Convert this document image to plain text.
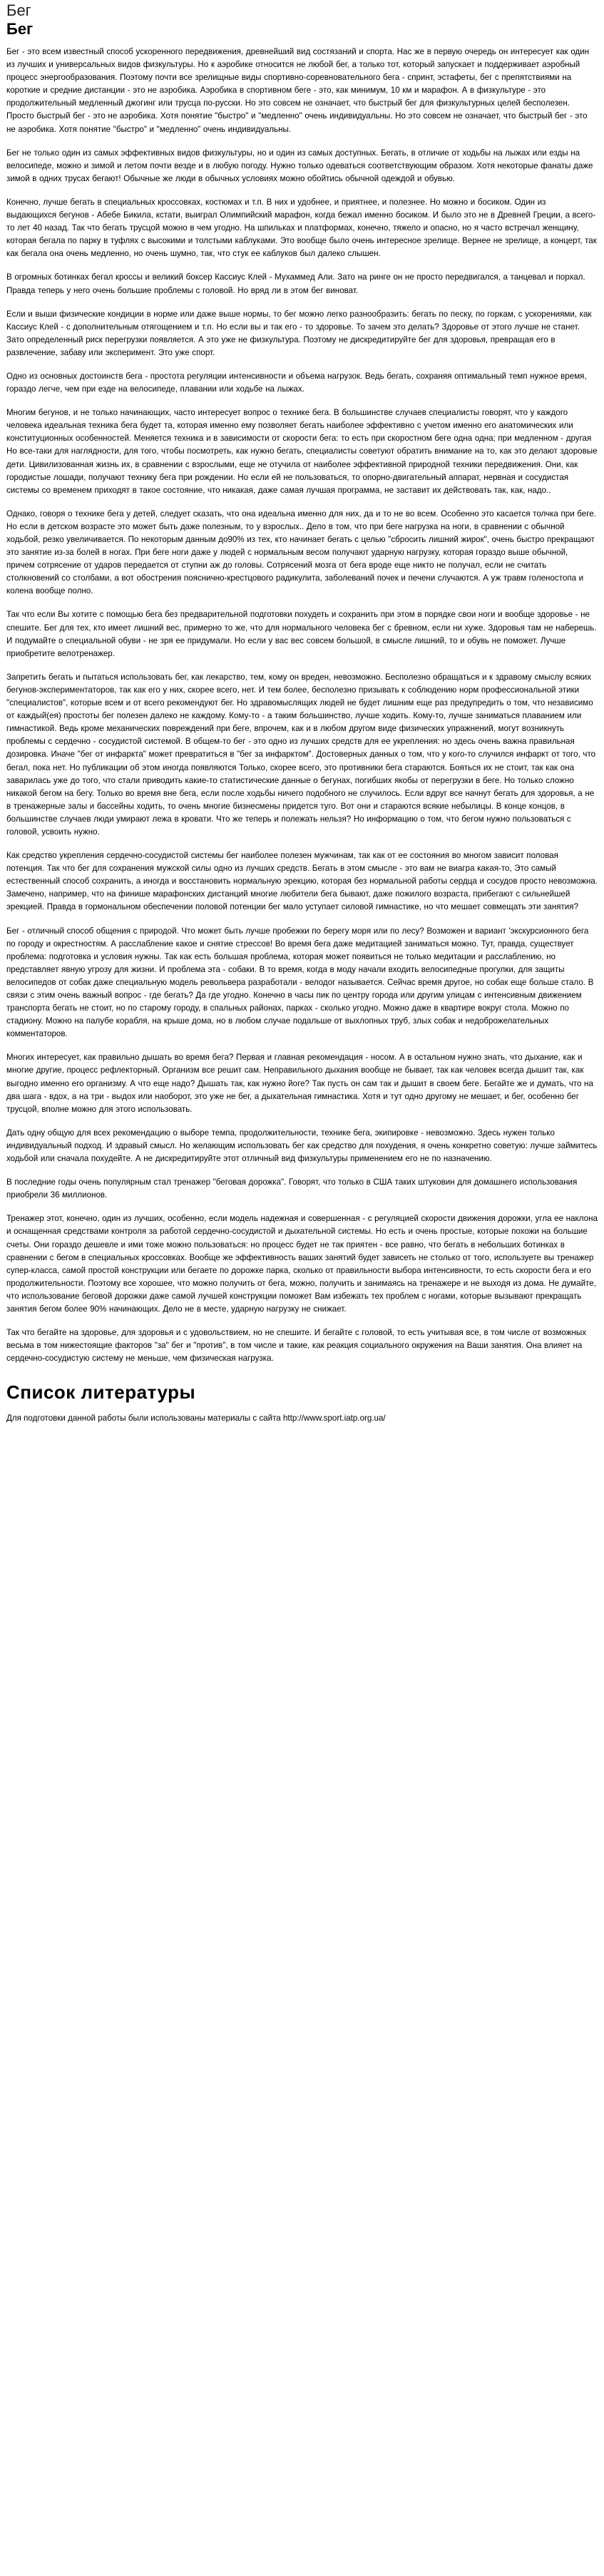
Бег
Бег

Бег - это всем известный способ ускоренного передвижения, древнейший вид состязаний и спорта. Нас же в первую очередь он интересует как один из лучших и универсальных видов физкультуры. Но к аэробике относится не любой бег, а только тот, который запускает и поддерживает аэробный процесс энергообразования. Поэтому почти все зрелищные виды спортивно-соревновательного бега - спринт, эстафеты, бег с препятствиями на короткие и средние дистанции - это не аэробика. Аэробика в спортивном беге - это, как минимум, 10 км и марафон. А в физкультуре - это продолжительный медленный джогинг или трусца по-русски. Но это совсем не означает, что быстрый бег для физкультурных целей бесполезен. Просто быстрый бег - это не аэробика. Хотя понятие "быстро" и "медленно" очень индивидуальны. Но это совсем не означает, что быстрый бег - это не аэробика. Хотя понятие "быстро" и "медленно" очень индивидуальны.

Бег не только один из самых эффективных видов физкультуры, но и один из самых доступных. Бегать, в отличие от ходьбы на лыжах или езды на велосипеде, можно и зимой и летом почти везде и в любую погоду. Нужно только одеваться соответствующим образом. Хотя некоторые фанаты даже зимой в одних трусах бегают! Обычные же люди в обычных условиях можно обойтись обычной одеждой и обувью.

Конечно, лучше бегать в специальных кроссовках, костюмах и т.п. В них и удобнее, и приятнее, и полезнее. Но можно и босиком. Один из выдающихся бегунов - Абебе Бикила, кстати, выиграл Олимпийский марафон, когда бежал именно босиком. И было это не в Древней Греции, а всего-то лет 40 назад. Так что бегать трусцой можно в чем угодно. На шпильках и платформах, конечно, тяжело и опасно, но я часто встречал женщину, которая бегала по парку в туфлях с высокими и толстыми каблуками. Это вообще было очень интересное зрелище. Вернее не зрелище, а концерт, так как бегала она очень медленно, но очень шумно, так, что стук ее каблуков был далеко слышен.

В огромных ботинках бегал кроссы и великий боксер Кассиус Клей - Мухаммед Али. Зато на ринге он не просто передвигался, а танцевал и порхал. Правда теперь у него очень большие проблемы с головой. Но вряд ли в этом бег виноват.

Если и выши физические кондиции в норме или даже выше нормы, то бег можно легко разнообразить: бегать по песку, по горкам, с ускорениями, как Кассиус Клей - с дополнительным отягощением и т.п. Но если вы и так его - то здоровье. То зачем это делать? Здоровье от этого лучше не станет. Зато определенный риск перегрузки появляется. А это уже не физкультура. Поэтому не дискредитируйте бег для здоровья, превращая его в развлечение, забаву или эксперимент. Это уже спорт.

Одно из основных достоинств бега - простота регуляции интенсивности и объема нагрузок. Ведь бегать, сохраняя оптимальный темп нужное время, гораздо легче, чем при езде на велосипеде, плавании или ходьбе на лыжах.

Многим бегунов, и не только начинающих, часто интересует вопрос о технике бега. В большинстве случаев специалисты говорят, что у каждого человека идеальная техника бега будет та, которая именно ему позволяет бегать наиболее эффективно с учетом именно его анатомических или конституционных особенностей. Меняется техника и в зависимости от скорости бега: то есть при скоростном беге одна одна; при медленном - другая Но все-таки для наглядности, для того, чтобы посмотреть, как нужно бегать, специалисты советуют обратить внимание на то, как это делают здоровые дети. Цивилизованная жизнь их, в сравнении с взрослыми, еще не отучила от наиболее эффективной природной техники передвижения. Они, как городистые лошади, получают технику бега при рождении. Но если ей не пользоваться, то опорно-двигательный аппарат, нервная и сосудистая системы со временем приходят в такое состояние, что никакая, даже самая лучшая программа, не заставит их действовать так, как, надо..

Однако, говоря о технике бега у детей, следует сказать, что она идеальна именно для них, да и то не во всем. Особенно это касается толчка при беге. Но если в детском возрасте это может быть даже полезным, то у взрослых.. Дело в том, что при беге нагрузка на ноги, в сравнении с обычной ходьбой, резко увеличивается. По некоторым данным до90% из тех, кто начинает бегать с целью "сбросить лишний жирок", очень быстро прекращают это занятие из-за болей в ногах. При беге ноги даже у людей с нормальным весом получают ударную нагрузку, которая гораздо выше обычной, причем сотрясение от ударов передается от ступни аж до головы. Сотрясений мозга от бега вроде еще никто не получал, если не считать столкновений со столбами, а вот обострения пояснично-крестцового радикулита, заболеваний почек и печени случаются. А уж травм голеностопа и колена вообще полно.

Так что если Вы хотите с помощью бега без предварительной подготовки похудеть и сохранить при этом в порядке свои ноги и вообще здоровье - не спешите. Бег для тех, кто имеет лишний вес, примерно то же, что для нормального человека бег с бревном, если ни хуже. Здоровья там не наберешь. И подумайте о специальной обуви - не зря ее придумали. Но если у вас вес совсем большой, в смысле лишний, то и обувь не поможет. Лучше приобретите велотренажер.

Запретить бегать и пытаться использовать бег, как лекарство, тем, кому он вреден, невозможно. Бесполезно обращаться и к здравому смыслу всяких бегунов-экспериментаторов, так как его у них, скорее всего, нет. И тем более, бесполезно призывать к соблюдению норм профессиональной этики "специалистов", которые всем и от всего рекомендуют бег. Но здравомыслящих людей не будет лишним еще раз предупредить о том, что независимо от каждый(ея) простоты бег полезен далеко не каждому. Кому-то - а таким большинство, лучше ходить. Кому-то, лучше заниматься плаванием или гимнастикой. Ведь кроме механических повреждений при беге, впрочем, как и в любом другом виде физических упражнений, могут возникнуть проблемы с сердечно - сосудистой системой. В общем-то бег - это одно из лучших средств для ее укрепления: но здесь очень важна правильная дозировка. Иначе "бег от инфаркта" может превратиться в "бег за инфарктом". Достоверных данных о том, что у кого-то случился инфаркт от того, что бегал, пока нет. Но публикации об этом иногда появляются Только, скорее всего, это противники бега стараются. Бояться их не стоит, так как она заварилась уже до того, что стали приводить какие-то статистические данные о бегунах, погибших якобы от перегрузки в беге. Но только сложно никакой бегом на бегу. Только во время вне бега, если после ходьбы ничего подобного не случилось. Если вдруг все начнут бегать для здоровья, а не в тренажерные залы и бассейны ходить, то очень многие бизнесмены придется туго. Вот они и стараются всякие небылицы. В конце концов, в большинстве случаев люди умирают лежа в кровати. Что же теперь и полежать нельзя? Но информацию о том, что бегом нужно пользоваться с головой, усвоить нужно.

Как средство укрепления сердечно-сосудистой системы бег наиболее полезен мужчинам, так как от ее состояния во многом зависит половая потенция. Так что бег для сохранения мужской силы одно из лучших средств. Бегать в этом смысле - это вам не виагра какая-то, Это самый естественный способ сохранить, а иногда и восстановить нормальную эрекцию, которая без нормальной работы сердца и сосудов просто невозможна. Замечено, например, что на финише марафонских дистанций многие любители бега бывают, даже пожилого возраста, прибегают с сильнейшей эрекцией. Правда в гормональном обеспечении половой потенции бег мало уступает силовой гимнастике, но что мешает совмещать эти занятия?

Бег - отличный способ общения с природой. Что может быть лучше пробежки по берегу моря или по лесу? Возможен и вариант 'экскурсионного бега по городу и окрестностям. А расслабление какое и снятие стрессов! Во время бега даже медитацией заниматься можно. Тут, правда, существует проблема: подготовка и условия нужны. Так как есть большая проблема, которая может появиться не только медитации и расслаблению, но представляет явную угрозу для жизни. И проблема эта - собаки. В то время, когда в моду начали входить велосипедные прогулки, для защиты велосипедов от собак даже специальную модель револьвера разработали - велодог называется. Сейчас время другое, но собак еще больше стало. В связи с этим очень важный вопрос - где бегать? Да где угодно. Конечно в часы пик по центру города или другим улицам с интенсивным движением транспорта бегать не стоит, но по старому городу, в спальных районах, парках - сколько угодно. Можно даже в квартире вокруг стола. Можно по стадиону. Можно на палубе корабля, на крыше дома, но в любом случае подальше от выхлопных труб, злых собак и недоброжелательных комментаторов.

Многих интересует, как правильно дышать во время бега? Первая и главная рекомендация - носом. А в остальном нужно знать, что дыхание, как и многие другие, процесс рефлекторный. Организм все решит сам. Неправильного дыхания вообще не бывает, так как человек всегда дышит так, как выгодно именно его организму. А что еще надо? Дышать так, как нужно йоге? Так пусть он сам так и дышит в своем беге. Бегайте же и думать, что на два шага - вдох, а на три - выдох или наоборот, это уже не бег, а дыхательная гимнастика. Хотя и тут одно другому не мешает, и бег, особенно бег трусцой, вполне можно для этого использовать.

Дать одну общую для всех рекомендацию о выборе темпа, продолжительности, технике бега, экипировке - невозможно. Здесь нужен только индивидуальный подход. И здравый смысл. Но желающим использовать бег как средство для похудения, я очень конкретно советую: лучше займитесь ходьбой или сначала похудейте. А не дискредитируйте этот отличный вид физкультуры применением его не по назначению.

В последние годы очень популярным стал тренажер "беговая дорожка". Говорят, что только в США таких штуковин для домашнего использования приобрели 36 миллионов.

Тренажер этот, конечно, один из лучших, особенно, если модель надежная и совершенная - с регуляцией скорости движения дорожки, угла ее наклона и оснащенная средствами контроля за работой сердечно-сосудистой и дыхательной системы. Но есть и очень простые, которые похожи на большие счеты. Они гораздо дешевле и ими тоже можно пользоваться: но процесс будет не так приятен - все равно, что бегать в небольших ботинках в сравнении с бегом в специальных кроссовках. Вообще же эффективность ваших занятий будет зависеть не столько от того, используете вы тренажер супер-класса, самой простой конструкции или бегаете по дорожке парка, сколько от правильности выбора интенсивности, то есть скорости бега и его продолжительности. Поэтому все хорошее, что можно получить от бега, можно, получить и занимаясь на тренажере и не выходя из дома. Не думайте, что использование беговой дорожки даже самой лучшей конструкции поможет Вам избежать тех проблем с ногами, которые вызывают прекращать занятия бегом более 90% начинающих. Дело не в месте, ударную нагрузку не снижает.

Так что бегайте на здоровье, для здоровья и с удовольствием, но не спешите. И бегайте с головой, то есть учитывая все, в том числе от возможных весьма в том нижестоящие факторов "за" бег и "против", в том числе и такие, как реакция социального окружения на Ваши занятия. Она влияет на сердечно-сосудистую систему не меньше, чем физическая нагрузка.

Список литературы

Для подготовки данной работы были использованы материалы с сайта http://www.sport.iatp.org.ua/
